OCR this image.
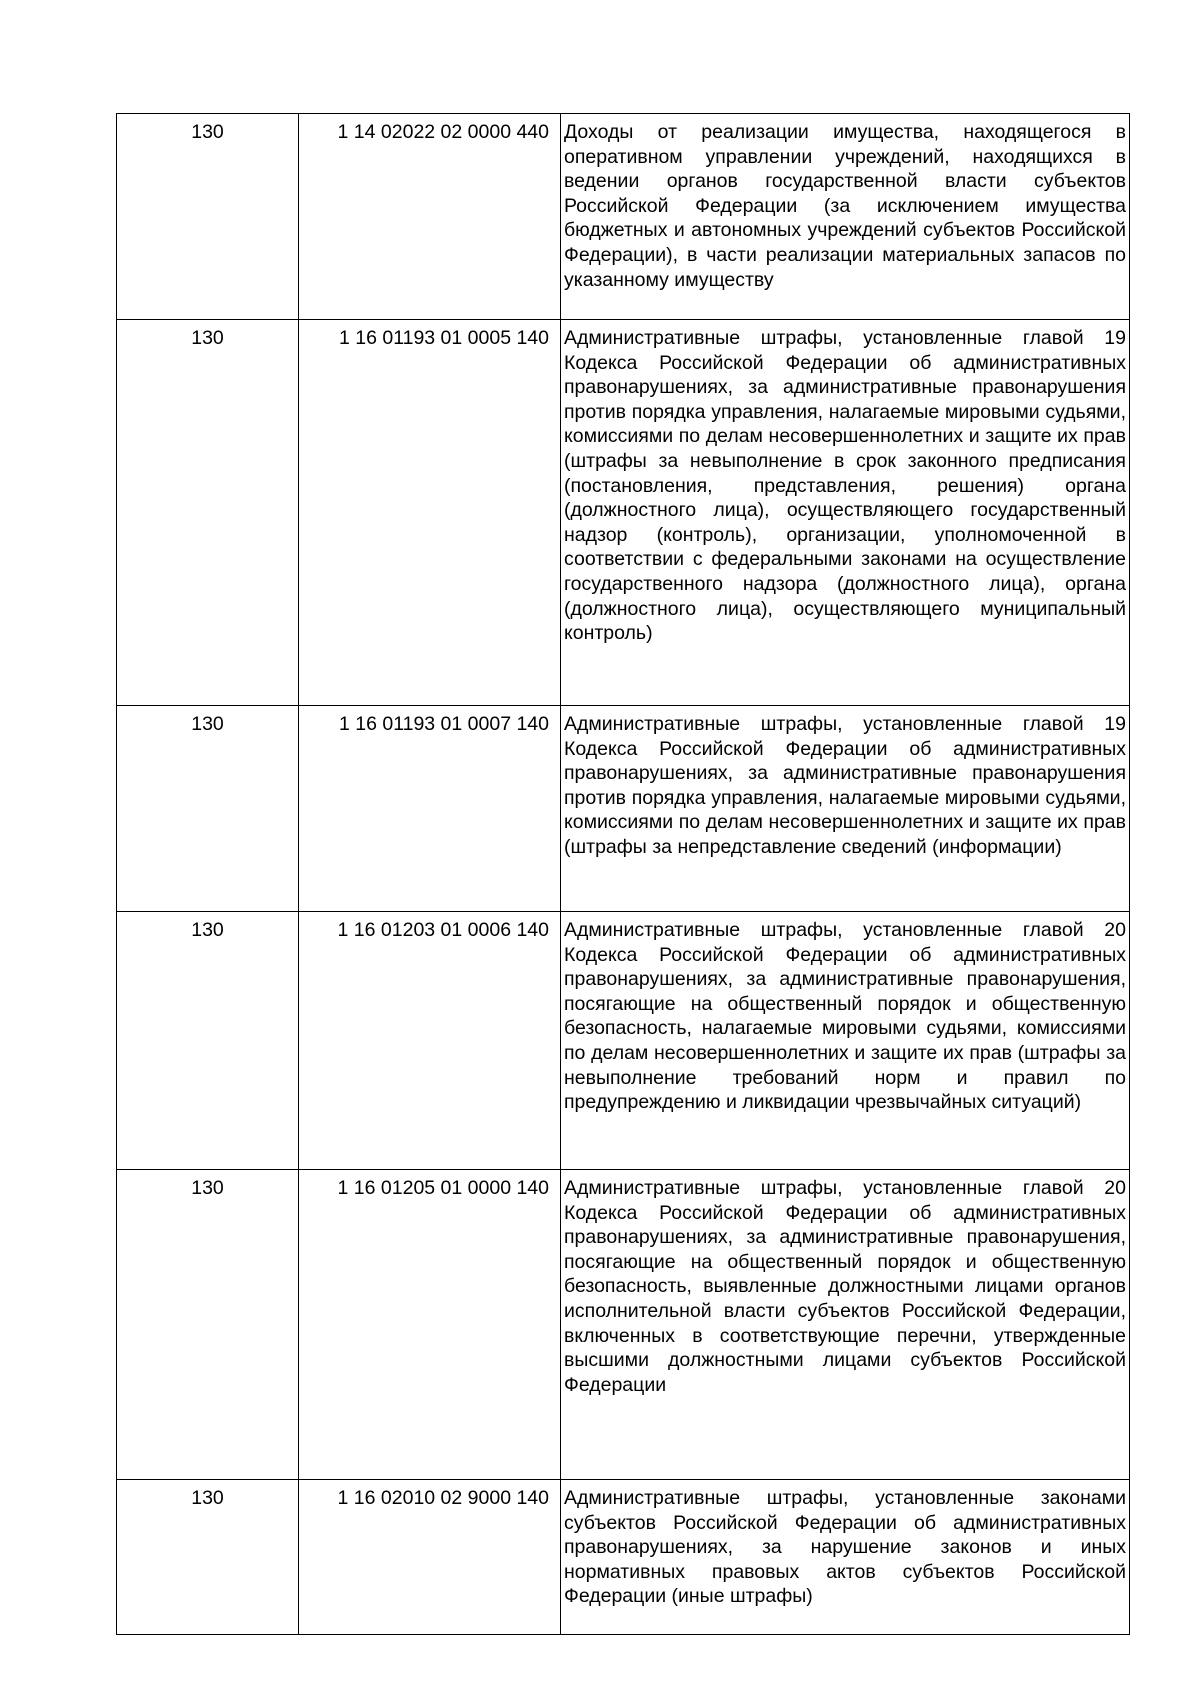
130	1 14 02022 02 0000 440	Доходы от реализации имущества, находящегося в оперативном управлении учреждений, находящихся в ведении органов государственной власти субъектов Российской Федерации (за исключением имущества бюджетных и автономных учреждений субъектов Российской Федерации), в части реализации материальных запасов по указанному имуществу
130	1 16 01193 01 0005 140	Административные штрафы, установленные главой 19 Кодекса Российской Федерации об административных правонарушениях, за административные правонарушения против порядка управления, налагаемые мировыми судьями, комиссиями по делам несовершеннолетних и защите их прав (штрафы за невыполнение в срок законного предписания (постановления, представления, решения) органа (должностного лица), осуществляющего государственный надзор (контроль), организации, уполномоченной в соответствии с федеральными законами на осуществление государственного надзора (должностного лица), органа (должностного лица), осуществляющего муниципальный контроль)
130	1 16 01193 01 0007 140	Административные штрафы, установленные главой 19 Кодекса Российской Федерации об административных правонарушениях, за административные правонарушения против порядка управления, налагаемые мировыми судьями, комиссиями по делам несовершеннолетних и защите их прав (штрафы за непредставление сведений (информации)
130	1 16 01203 01 0006 140	Административные штрафы, установленные главой 20 Кодекса Российской Федерации об административных правонарушениях, за административные правонарушения, посягающие на общественный порядок и общественную безопасность, налагаемые мировыми судьями, комиссиями по делам несовершеннолетних и защите их прав (штрафы за невыполнение требований норм и правил по предупреждению и ликвидации чрезвычайных ситуаций)
130	1 16 01205 01 0000 140	Административные штрафы, установленные главой 20 Кодекса Российской Федерации об административных правонарушениях, за административные правонарушения, посягающие на общественный порядок и общественную безопасность, выявленные должностными лицами органов исполнительной власти субъектов Российской Федерации, включенных в соответствующие перечни, утвержденные высшими должностными лицами субъектов Российской Федерации
130	1 16 02010 02 9000 140	Административные штрафы, установленные законами субъектов Российской Федерации об административных правонарушениях, за нарушение законов и иных нормативных правовых актов субъектов Российской Федерации (иные штрафы)
